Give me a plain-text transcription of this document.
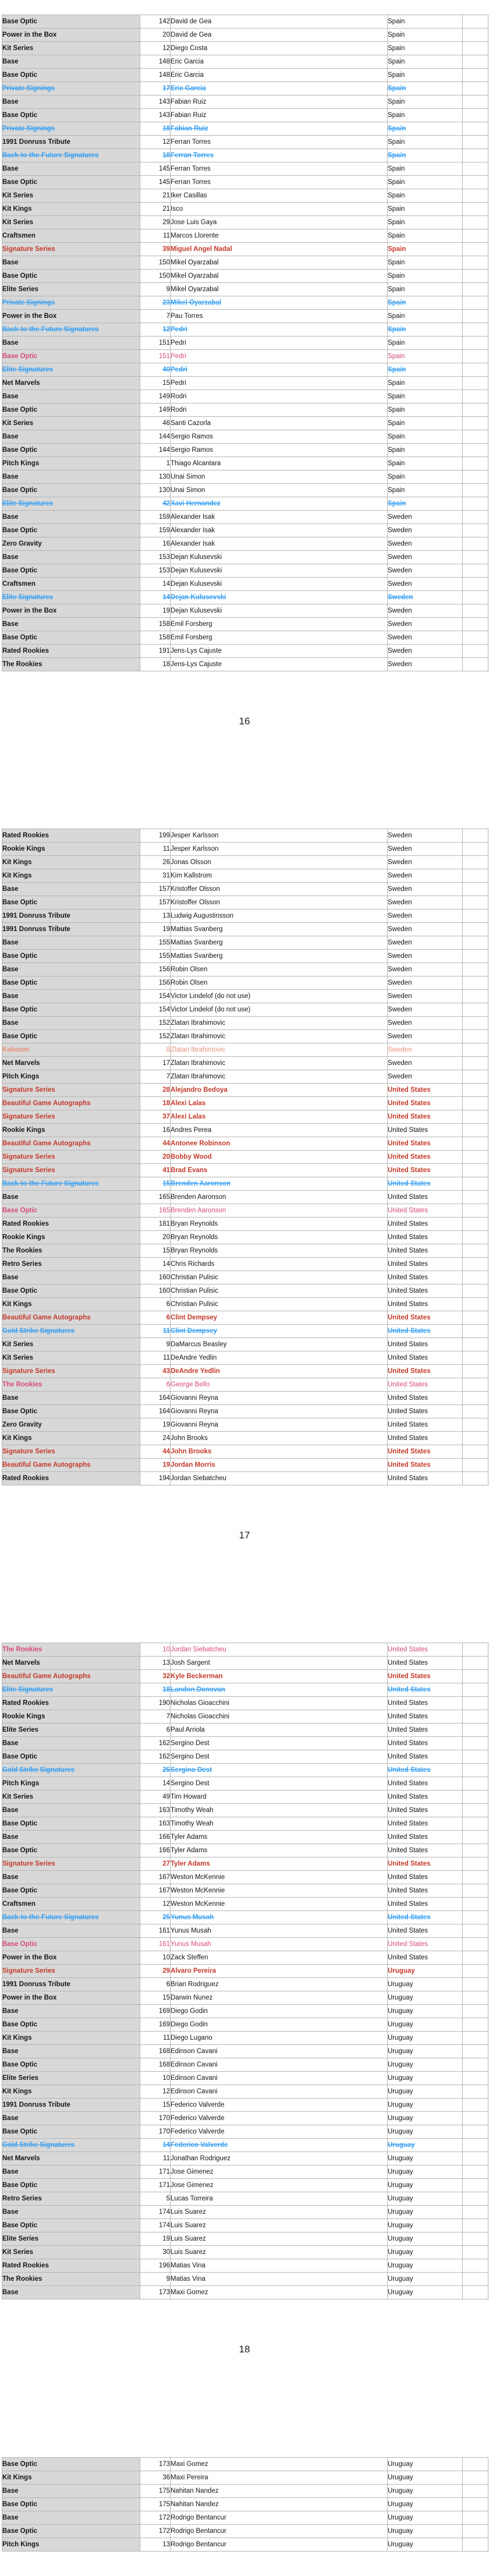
Base Optic	142	David de Gea	Spain	
Power in the Box	20	David de Gea	Spain	
Kit Series	12	Diego Costa	Spain	
Base	148	Eric Garcia	Spain	
Base Optic	148	Eric Garcia	Spain	
Private Signings	17	Eric Garcia	Spain	
Base	143	Fabian Ruiz	Spain	
Base Optic	143	Fabian Ruiz	Spain	
Private Signings	18	Fabian Ruiz	Spain	
1991 Donruss Tribute	12	Ferran Torres	Spain	
Back-to-the-Future Signatures	18	Ferran Torres	Spain	
Base	145	Ferran Torres	Spain	
Base Optic	145	Ferran Torres	Spain	
Kit Series	21	Iker Casillas	Spain	
Kit Kings	21	Isco	Spain	
Kit Series	29	Jose Luis Gaya	Spain	
Craftsmen	11	Marcos Llorente	Spain	
Signature Series	39	Miguel Angel Nadal	Spain	
Base	150	Mikel Oyarzabal	Spain	
Base Optic	150	Mikel Oyarzabal	Spain	
Elite Series	9	Mikel Oyarzabal	Spain	
Private Signings	23	Mikel Oyarzabal	Spain	
Power in the Box	7	Pau Torres	Spain	
Back-to-the-Future Signatures	12	Pedri	Spain	
Base	151	Pedri	Spain	
Base Optic	151	Pedri	Spain	
Elite Signatures	40	Pedri	Spain	
Net Marvels	15	Pedri	Spain	
Base	149	Rodri	Spain	
Base Optic	149	Rodri	Spain	
Kit Series	46	Santi Cazorla	Spain	
Base	144	Sergio Ramos	Spain	
Base Optic	144	Sergio Ramos	Spain	
Pitch Kings	1	Thiago Alcantara	Spain	
Base	130	Unai Simon	Spain	
Base Optic	130	Unai Simon	Spain	
Elite Signatures	42	Xavi Hernandez	Spain	
Base	159	Alexander Isak	Sweden	
Base Optic	159	Alexander Isak	Sweden	
Zero Gravity	16	Alexander Isak	Sweden	
Base	153	Dejan Kulusevski	Sweden	
Base Optic	153	Dejan Kulusevski	Sweden	
Craftsmen	14	Dejan Kulusevski	Sweden	
Elite Signatures	14	Dejan Kulusevski	Sweden	
Power in the Box	19	Dejan Kulusevski	Sweden	
Base	158	Emil Forsberg	Sweden	
Base Optic	158	Emil Forsberg	Sweden	
Rated Rookies	191	Jens-Lys Cajuste	Sweden	
The Rookies	18	Jens-Lys Cajuste	Sweden	
16
Rated Rookies	199	Jesper Karlsson	Sweden	
Rookie Kings	11	Jesper Karlsson	Sweden	
Kit Kings	26	Jonas Olsson	Sweden	
Kit Kings	31	Kim Kallstrom	Sweden	
Base	157	Kristoffer Olsson	Sweden	
Base Optic	157	Kristoffer Olsson	Sweden	
1991 Donruss Tribute	13	Ludwig Augustinsson	Sweden	
1991 Donruss Tribute	19	Mattias Svanberg	Sweden	
Base	155	Mattias Svanberg	Sweden	
Base Optic	155	Mattias Svanberg	Sweden	
Base	156	Robin Olsen	Sweden	
Base Optic	156	Robin Olsen	Sweden	
Base	154	Victor Lindelof (do not use)	Sweden	
Base Optic	154	Victor Lindelof (do not use)	Sweden	
Base	152	Zlatan Ibrahimovic	Sweden	
Base Optic	152	Zlatan Ibrahimovic	Sweden	
Kaboom	8	Zlatan Ibrahimovic	Sweden	
Net Marvels	17	Zlatan Ibrahimovic	Sweden	
Pitch Kings	7	Zlatan Ibrahimovic	Sweden	
Signature Series	28	Alejandro Bedoya	United States	
Beautiful Game Autographs	18	Alexi Lalas	United States	
Signature Series	37	Alexi Lalas	United States	
Rookie Kings	16	Andres Perea	United States	
Beautiful Game Autographs	44	Antonee Robinson	United States	
Signature Series	20	Bobby Wood	United States	
Signature Series	41	Brad Evans	United States	
Back-to-the-Future Signatures	15	Brenden Aaronson	United States	
Base	165	Brenden Aaronson	United States	
Base Optic	165	Brenden Aaronson	United States	
Rated Rookies	181	Bryan Reynolds	United States	
Rookie Kings	20	Bryan Reynolds	United States	
The Rookies	15	Bryan Reynolds	United States	
Retro Series	14	Chris Richards	United States	
Base	160	Christian Pulisic	United States	
Base Optic	160	Christian Pulisic	United States	
Kit Kings	6	Christian Pulisic	United States	
Beautiful Game Autographs	6	Clint Dempsey	United States	
Gold Strike Signatures	11	Clint Dempsey	United States	
Kit Series	9	DaMarcus Beasley	United States	
Kit Series	11	DeAndre Yedlin	United States	
Signature Series	43	DeAndre Yedlin	United States	
The Rookies	6	George Bello	United States	
Base	164	Giovanni Reyna	United States	
Base Optic	164	Giovanni Reyna	United States	
Zero Gravity	19	Giovanni Reyna	United States	
Kit Kings	24	John Brooks	United States	
Signature Series	44	John Brooks	United States	
Beautiful Game Autographs	19	Jordan Morris	United States	
Rated Rookies	194	Jordan Siebatcheu	United States	
17
The Rookies	10	Jordan Siebatcheu	United States	
Net Marvels	13	Josh Sargent	United States	
Beautiful Game Autographs	32	Kyle Beckerman	United States	
Elite Signatures	18	Landon Donovan	United States	
Rated Rookies	190	Nicholas Gioacchini	United States	
Rookie Kings	7	Nicholas Gioacchini	United States	
Elite Series	6	Paul Arriola	United States	
Base	162	Sergino Dest	United States	
Base Optic	162	Sergino Dest	United States	
Gold Strike Signatures	25	Sergino Dest	United States	
Pitch Kings	14	Sergino Dest	United States	
Kit Series	49	Tim Howard	United States	
Base	163	Timothy Weah	United States	
Base Optic	163	Timothy Weah	United States	
Base	166	Tyler Adams	United States	
Base Optic	166	Tyler Adams	United States	
Signature Series	27	Tyler Adams	United States	
Base	167	Weston McKennie	United States	
Base Optic	167	Weston McKennie	United States	
Craftsmen	12	Weston McKennie	United States	
Back-to-the-Future Signatures	25	Yunus Musah	United States	
Base	161	Yunus Musah	United States	
Base Optic	161	Yunus Musah	United States	
Power in the Box	10	Zack Steffen	United States	
Signature Series	29	Alvaro Pereira	Uruguay	
1991 Donruss Tribute	6	Brian Rodriguez	Uruguay	
Power in the Box	15	Darwin Nunez	Uruguay	
Base	169	Diego Godin	Uruguay	
Base Optic	169	Diego Godin	Uruguay	
Kit Kings	11	Diego Lugano	Uruguay	
Base	168	Edinson Cavani	Uruguay	
Base Optic	168	Edinson Cavani	Uruguay	
Elite Series	10	Edinson Cavani	Uruguay	
Kit Kings	12	Edinson Cavani	Uruguay	
1991 Donruss Tribute	15	Federico Valverde	Uruguay	
Base	170	Federico Valverde	Uruguay	
Base Optic	170	Federico Valverde	Uruguay	
Gold Strike Signatures	14	Federico Valverde	Uruguay	
Net Marvels	11	Jonathan Rodriguez	Uruguay	
Base	171	Jose Gimenez	Uruguay	
Base Optic	171	Jose Gimenez	Uruguay	
Retro Series	5	Lucas Torreira	Uruguay	
Base	174	Luis Suarez	Uruguay	
Base Optic	174	Luis Suarez	Uruguay	
Elite Series	19	Luis Suarez	Uruguay	
Kit Series	30	Luis Suarez	Uruguay	
Rated Rookies	196	Matias Vina	Uruguay	
The Rookies	9	Matias Vina	Uruguay	
Base	173	Maxi Gomez	Uruguay	
18
Base Optic	173	Maxi Gomez	Uruguay	
Kit Kings	36	Maxi Pereira	Uruguay	
Base	175	Nahitan Nandez	Uruguay	
Base Optic	175	Nahitan Nandez	Uruguay	
Base	172	Rodrigo Bentancur	Uruguay	
Base Optic	172	Rodrigo Bentancur	Uruguay	
Pitch Kings	13	Rodrigo Bentancur	Uruguay	
